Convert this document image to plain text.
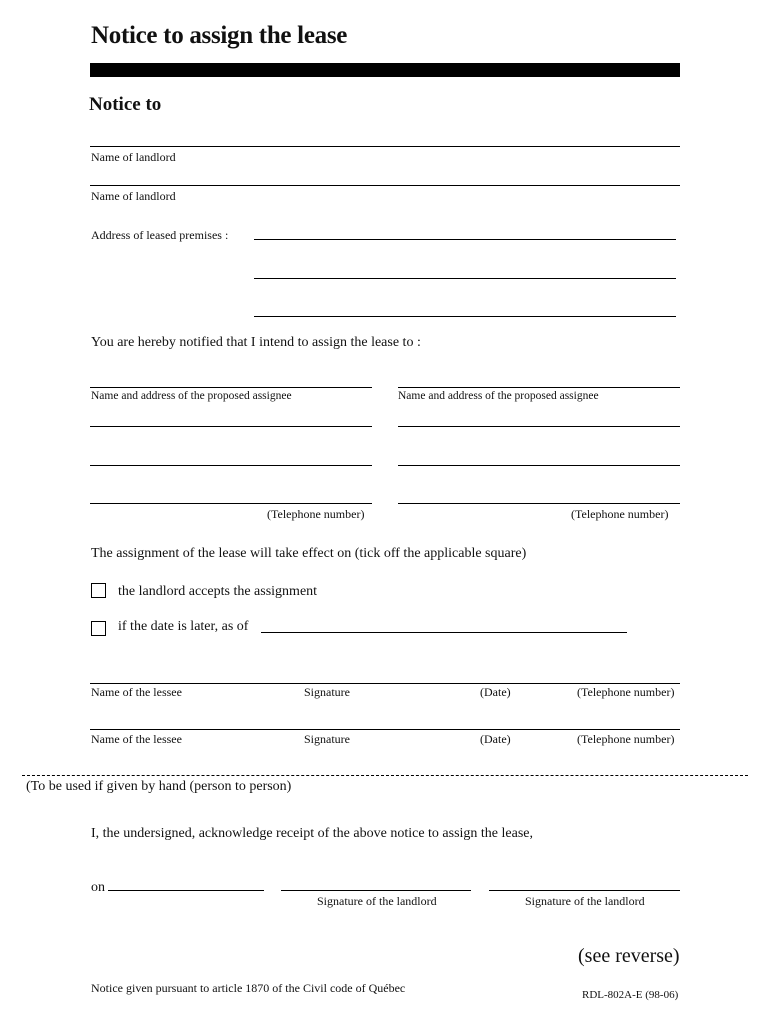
Notice to assign the lease
Notice to
Name of landlord
Name of landlord
Address of leased premises :
You are hereby notified that I intend to assign the lease to :
Name and address of the proposed assignee	Name and address of the proposed assignee
(Telephone number)	(Telephone number)
The assignment of the lease will take effect on (tick off the applicable square)
the landlord accepts the assignment
if the date is later, as of
Name of the lessee	Signature	(Date)	(Telephone number)
Name of the lessee	Signature	(Date)	(Telephone number)
(To be used if given by hand (person to person)
I, the undersigned, acknowledge receipt of the above notice to assign the lease,
on
Signature of the landlord	Signature of the landlord
(see reverse)
Notice given pursuant to article 1870 of the Civil code of Québec	RDL-802A-E (98-06)
